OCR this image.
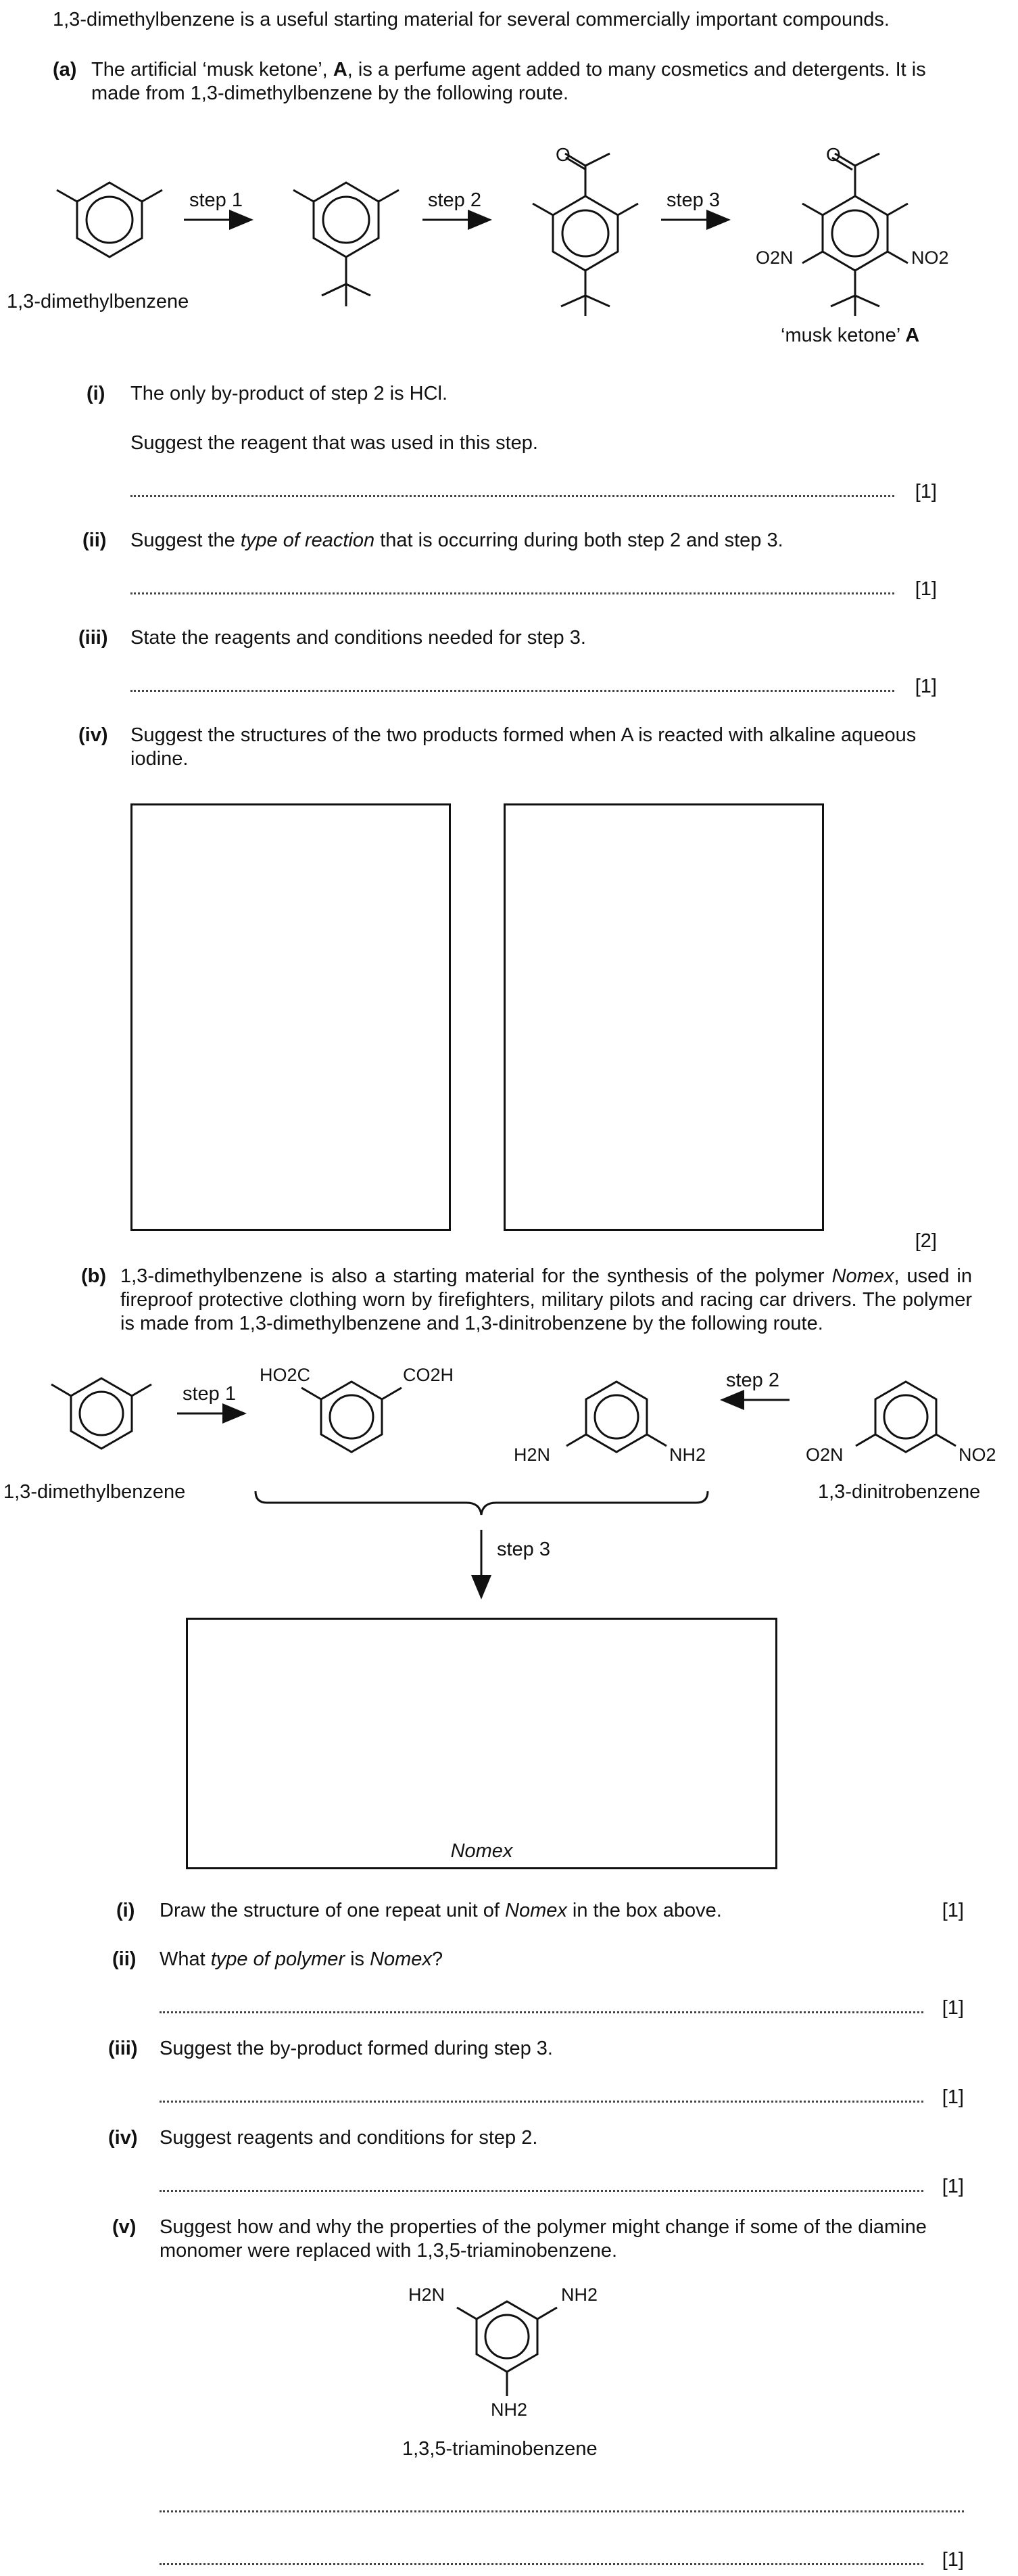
1,3-dimethylbenzene is a useful starting material for several commercially important compounds.
(a) The artificial ‘musk ketone’, A, is a perfume agent added to many cosmetics and detergents. It is made from 1,3-dimethylbenzene by the following route.
1,3-dimethylbenzene
step 1	step 2
O
step 3
O
O2N	NO2
‘musk ketone’ A
(i) The only by-product of step 2 is HCl.
Suggest the reagent that was used in this step.
[1]
(ii) Suggest the type of reaction that is occurring during both step 2 and step 3.
[1]
(iii) State the reagents and conditions needed for step 3.
[1]
(iv) Suggest the structures of the two products formed when A is reacted with alkaline aqueous iodine.
[2]
(b) 1,3-dimethylbenzene is also a starting material for the synthesis of the polymer Nomex, used in fireproof protective clothing worn by firefighters, military pilots and racing car drivers. The polymer is made from 1,3-dimethylbenzene and 1,3-dinitrobenzene by the following route.
1,3-dimethylbenzene
step 1
HO2C	CO2H
H2N	NH2
step 2
O2N	NO2
1,3-dinitrobenzene
step 3
Nomex
(i) Draw the structure of one repeat unit of Nomex in the box above.	[1]
(ii) What type of polymer is Nomex?
[1]
(iii) Suggest the by-product formed during step 3.
[1]
(iv) Suggest reagents and conditions for step 2.
[1]
(v) Suggest how and why the properties of the polymer might change if some of the diamine monomer were replaced with 1,3,5-triaminobenzene.
H2N	NH2
NH2
1,3,5-triaminobenzene
[1]
